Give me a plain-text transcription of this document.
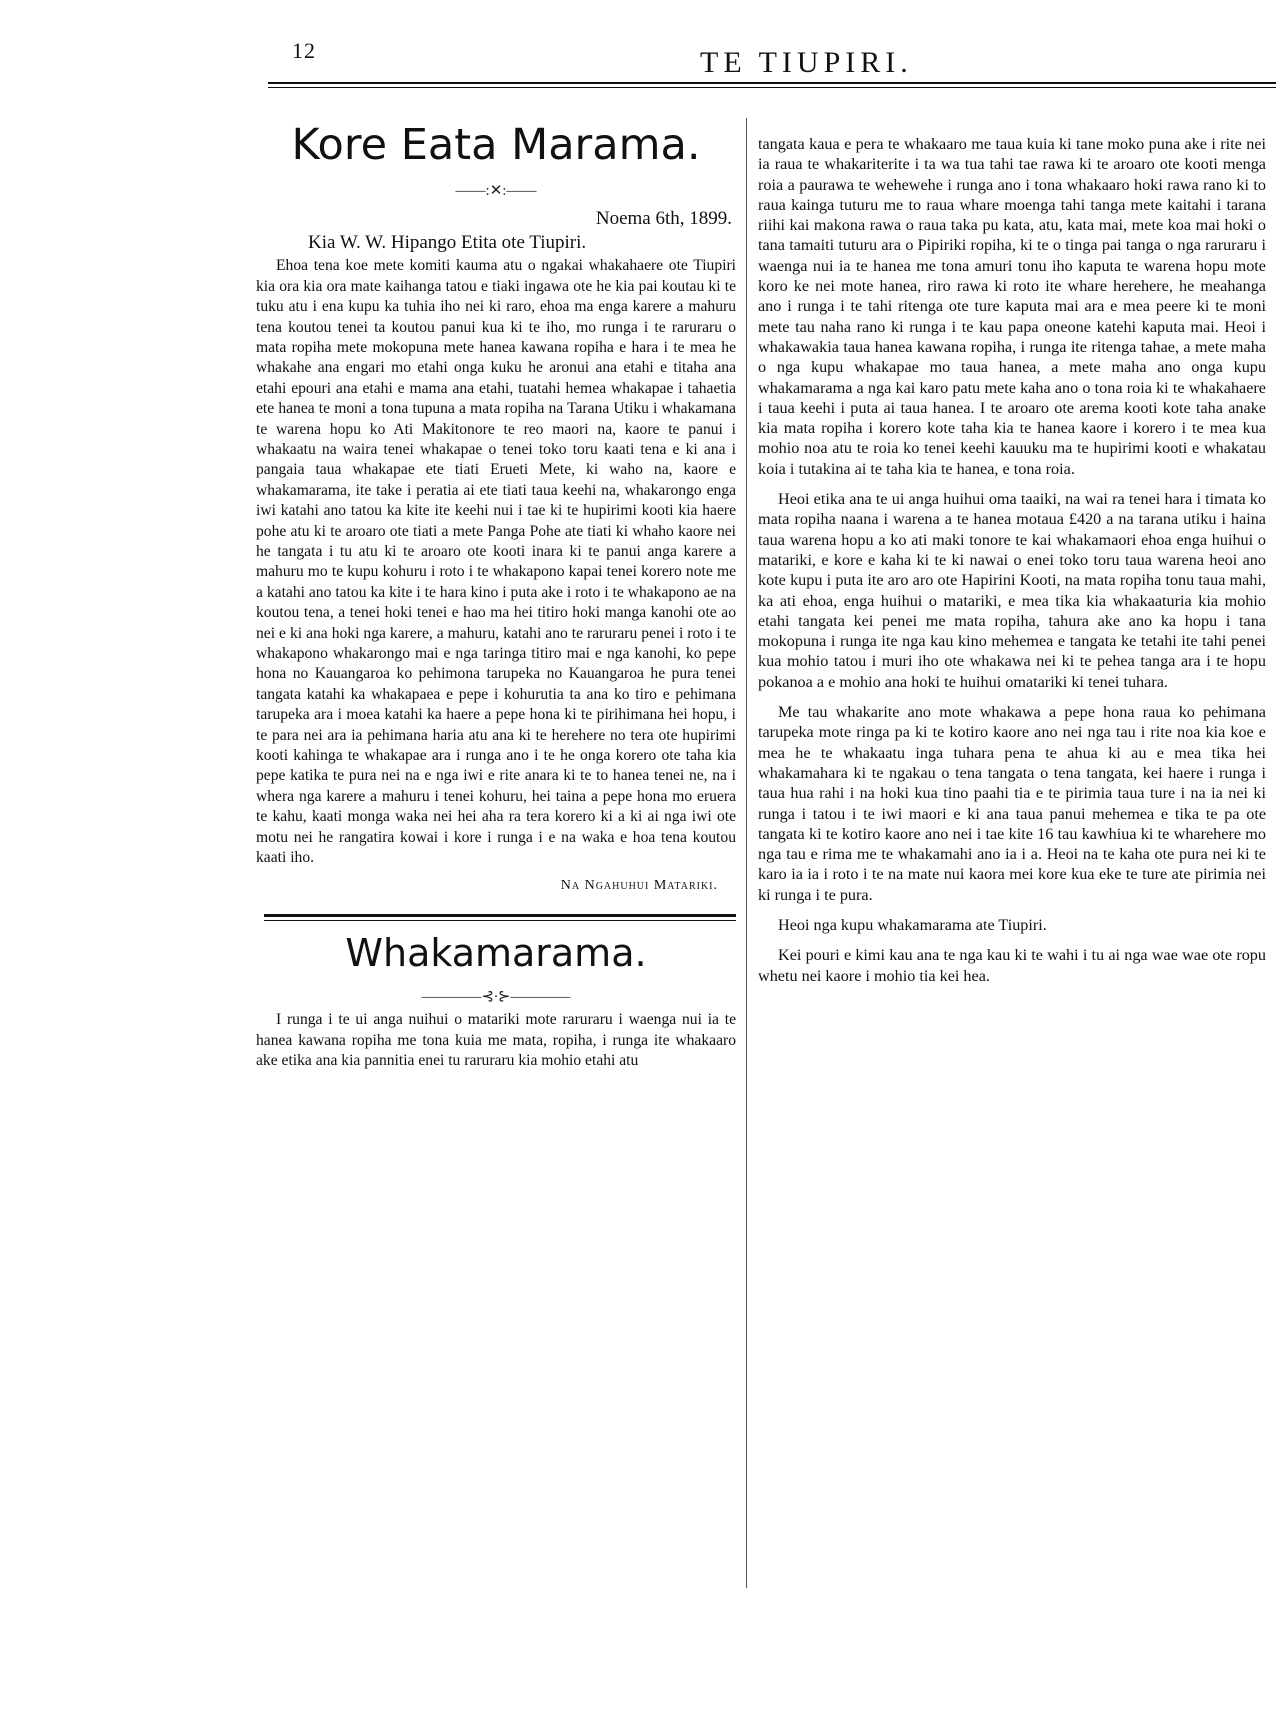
12	TE TIUPIRI.
Kore Eata Marama.
——:✕:——
Noema 6th, 1899.
Kia W. W. Hipango Etita ote Tiupiri.

Ehoa tena koe mete komiti kauma atu o ngakai whakahaere ote Tiupiri kia ora kia ora mate kaihanga tatou e tiaki ingawa ote he kia pai koutau ki te tuku atu i ena kupu ka tuhia iho nei ki raro, ehoa ma enga karere a mahuru tena koutou tenei ta koutou panui kua ki te iho, mo runga i te raruraru o mata ropiha mete mokopuna mete hanea kawana ropiha e hara i te mea he whakahe ana engari mo etahi onga kuku he aronui ana etahi e titaha ana etahi epouri ana etahi e mama ana etahi, tuatahi hemea whakapae i tahaetia ete hanea te moni a tona tupuna a mata ropiha na Tarana Utiku i whakamana te warena hopu ko Ati Makitonore te reo maori na, kaore te panui i whakaatu na waira tenei whakapae o tenei toko toru kaati tena e ki ana i pangaia taua whakapae ete tiati Erueti Mete, ki waho na, kaore e whakamarama, ite take i peratia ai ete tiati taua keehi na, whakarongo enga iwi katahi ano tatou ka kite ite keehi nui i tae ki te hupirimi kooti kia haere pohe atu ki te aroaro ote tiati a mete Panga Pohe ate tiati ki whaho kaore nei he tangata i tu atu ki te aroaro ote kooti inara ki te panui anga karere a mahuru mo te kupu kohuru i roto i te whakapono kapai tenei korero note me a katahi ano tatou ka kite i te hara kino i puta ake i roto i te whakapono ae na koutou tena, a tenei hoki tenei e hao ma hei titiro hoki manga kanohi ote ao nei e ki ana hoki nga karere, a mahuru, katahi ano te raruraru penei i roto i te whakapono whakarongo mai e nga taringa titiro mai e nga kanohi, ko pepe hona no Kauangaroa ko pehimona tarupeka no Kauangaroa he pura tenei tangata katahi ka whakapaea e pepe i kohurutia ta ana ko tiro e pehimana tarupeka ara i moea katahi ka haere a pepe hona ki te pirihimana hei hopu, i te para nei ara ia pehimana haria atu ana ki te herehere no tera ote hupirimi kooti kahinga te whakapae ara i runga ano i te he onga korero ote taha kia pepe katika te pura nei na e nga iwi e rite anara ki te to hanea tenei ne, na i whera nga karere a mahuru i tenei kohuru, hei taina a pepe hona mo eruera te kahu, kaati monga waka nei hei aha ra tera korero ki a ki ai nga iwi ote motu nei he rangatira kowai i kore i runga i e na waka e hoa tena koutou kaati iho.

Na Ngahuhui Matariki.
Whakamarama.
————⊰∙⊱————

I runga i te ui anga nuihui o matariki mote raruraru i waenga nui ia te hanea kawana ropiha me tona kuia me mata, ropiha, i runga ite whakaaro ake etika ana kia pannitia enei tu raruraru kia mohio etahi atu

tangata kaua e pera te whakaaro me taua kuia ki tane moko puna ake i rite nei ia raua te whakariterite i ta wa tua tahi tae rawa ki te aroaro ote kooti menga roia a paurawa te wehewehe i runga ano i tona whakaaro hoki rawa rano ki to raua kainga tuturu me to raua whare moenga tahi tanga mete kaitahi i tarana riihi kai makona rawa o raua taka pu kata, atu, kata mai, mete koa mai hoki o tana tamaiti tuturu ara o Pipiriki ropiha, ki te o tinga pai tanga o nga raruraru i waenga nui ia te hanea me tona amuri tonu iho kaputa te warena hopu mote koro ke nei mote hanea, riro rawa ki roto ite whare herehere, he meahanga ano i runga i te tahi ritenga ote ture kaputa mai ara e mea peere ki te moni mete tau naha rano ki runga i te kau papa oneone katehi kaputa mai. Heoi i whakawakia taua hanea kawana ropiha, i runga ite ritenga tahae, a mete maha o nga kupu whakapae mo taua hanea, a mete maha ano onga kupu whakamarama a nga kai karo patu mete kaha ano o tona roia ki te whakahaere i taua keehi i puta ai taua hanea. I te aroaro ote arema kooti kote taha anake kia mata ropiha i korero kote taha kia te hanea kaore i korero i te mea kua mohio noa atu te roia ko tenei keehi kauuku ma te hupirimi kooti e whakatau koia i tutakina ai te taha kia te hanea, e tona roia.

Heoi etika ana te ui anga huihui oma taaiki, na wai ra tenei hara i timata ko mata ropiha naana i warena a te hanea motaua £420 a na tarana utiku i haina taua warena hopu a ko ati maki tonore te kai whakamaori ehoa enga huihui o matariki, e kore e kaha ki te ki nawai o enei toko toru taua warena heoi ano kote kupu i puta ite aro aro ote Hapirini Kooti, na mata ropiha tonu taua mahi, ka ati ehoa, enga huihui o matariki, e mea tika kia whakaaturia kia mohio etahi tangata kei penei me mata ropiha, tahura ake ano ka hopu i tana mokopuna i runga ite nga kau kino mehemea e tangata ke tetahi ite tahi penei kua mohio tatou i muri iho ote whakawa nei ki te pehea tanga ara i te hopu pokanoa a e mohio ana hoki te huihui omatariki ki tenei tuhara.

Me tau whakarite ano mote whakawa a pepe hona raua ko pehimana tarupeka mote ringa pa ki te kotiro kaore ano nei nga tau i rite noa kia koe e mea he te whakaatu inga tuhara pena te ahua ki au e mea tika hei whakamahara ki te ngakau o tena tangata o tena tangata, kei haere i runga i taua hua rahi i na hoki kua tino paahi tia e te pirimia taua ture i na ia nei ki runga i tatou i te iwi maori e ki ana taua panui mehemea e tika te pa ote tangata ki te kotiro kaore ano nei i tae kite 16 tau kawhiua ki te wharehere mo nga tau e rima me te whakamahi ano ia i a. Heoi na te kaha ote pura nei ki te karo ia ia i roto i te na mate nui kaora mei kore kua eke te ture ate pirimia nei ki runga i te pura.

Heoi nga kupu whakamarama ate Tiupiri.

Kei pouri e kimi kau ana te nga kau ki te wahi i tu ai nga wae wae ote ropu whetu nei kaore i mohio tia kei hea.
